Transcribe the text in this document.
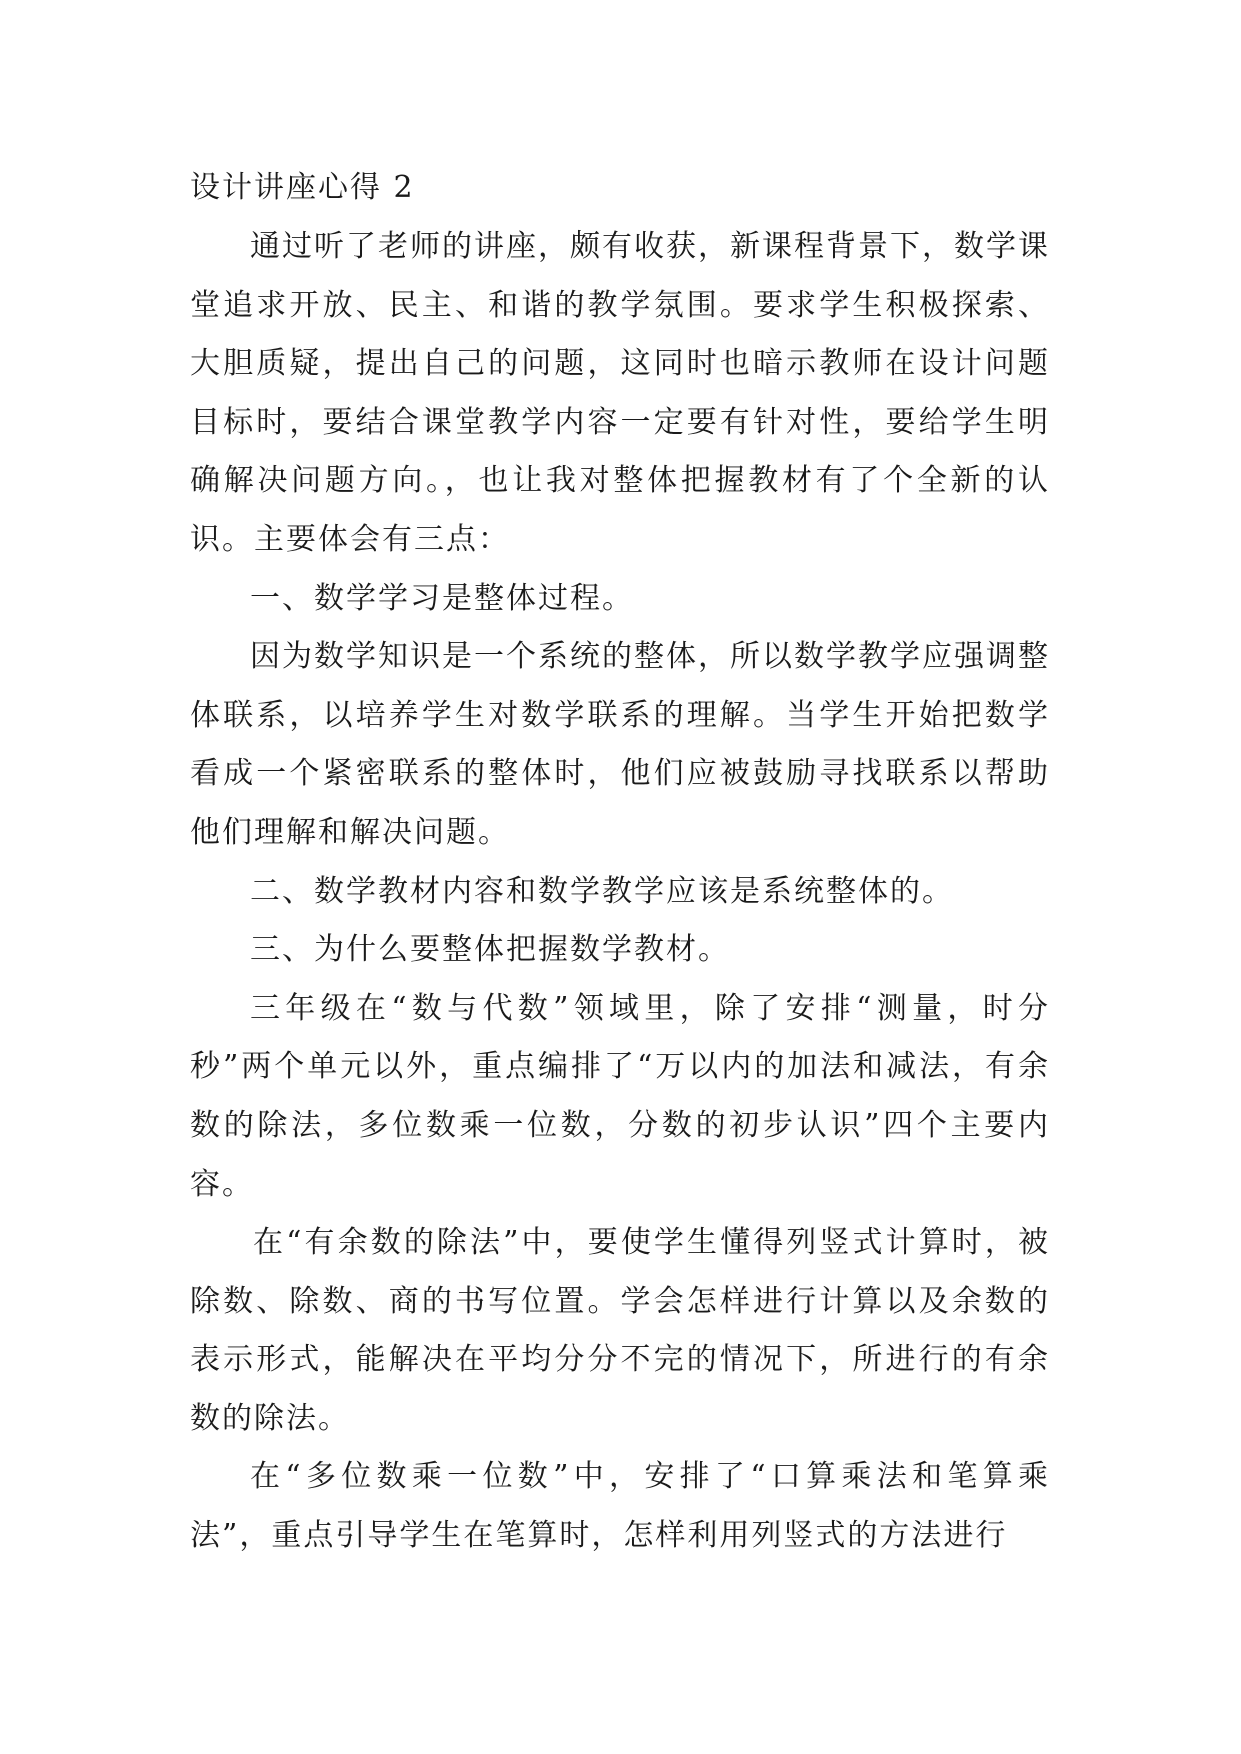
设计讲座心得 2

通过听了老师的讲座，颇有收获，新课程背景下，数学课堂追求开放、民主、和谐的教学氛围。要求学生积极探索、大胆质疑，提出自己的问题，这同时也暗示教师在设计问题目标时，要结合课堂教学内容一定要有针对性，要给学生明确解决问题方向。，也让我对整体把握教材有了个全新的认识。主要体会有三点：

一、数学学习是整体过程。

因为数学知识是一个系统的整体，所以数学教学应强调整体联系，以培养学生对数学联系的理解。当学生开始把数学看成一个紧密联系的整体时，他们应被鼓励寻找联系以帮助他们理解和解决问题。

二、数学教材内容和数学教学应该是系统整体的。

三、为什么要整体把握数学教材。

三年级在“数与代数”领域里，除了安排“测量，时分秒”两个单元以外，重点编排了“万以内的加法和减法，有余数的除法，多位数乘一位数，分数的初步认识”四个主要内容。

在“有余数的除法”中，要使学生懂得列竖式计算时，被除数、除数、商的书写位置。学会怎样进行计算以及余数的表示形式，能解决在平均分分不完的情况下，所进行的有余数的除法。

在“多位数乘一位数”中，安排了“口算乘法和笔算乘法”，重点引导学生在笔算时，怎样利用列竖式的方法进行
